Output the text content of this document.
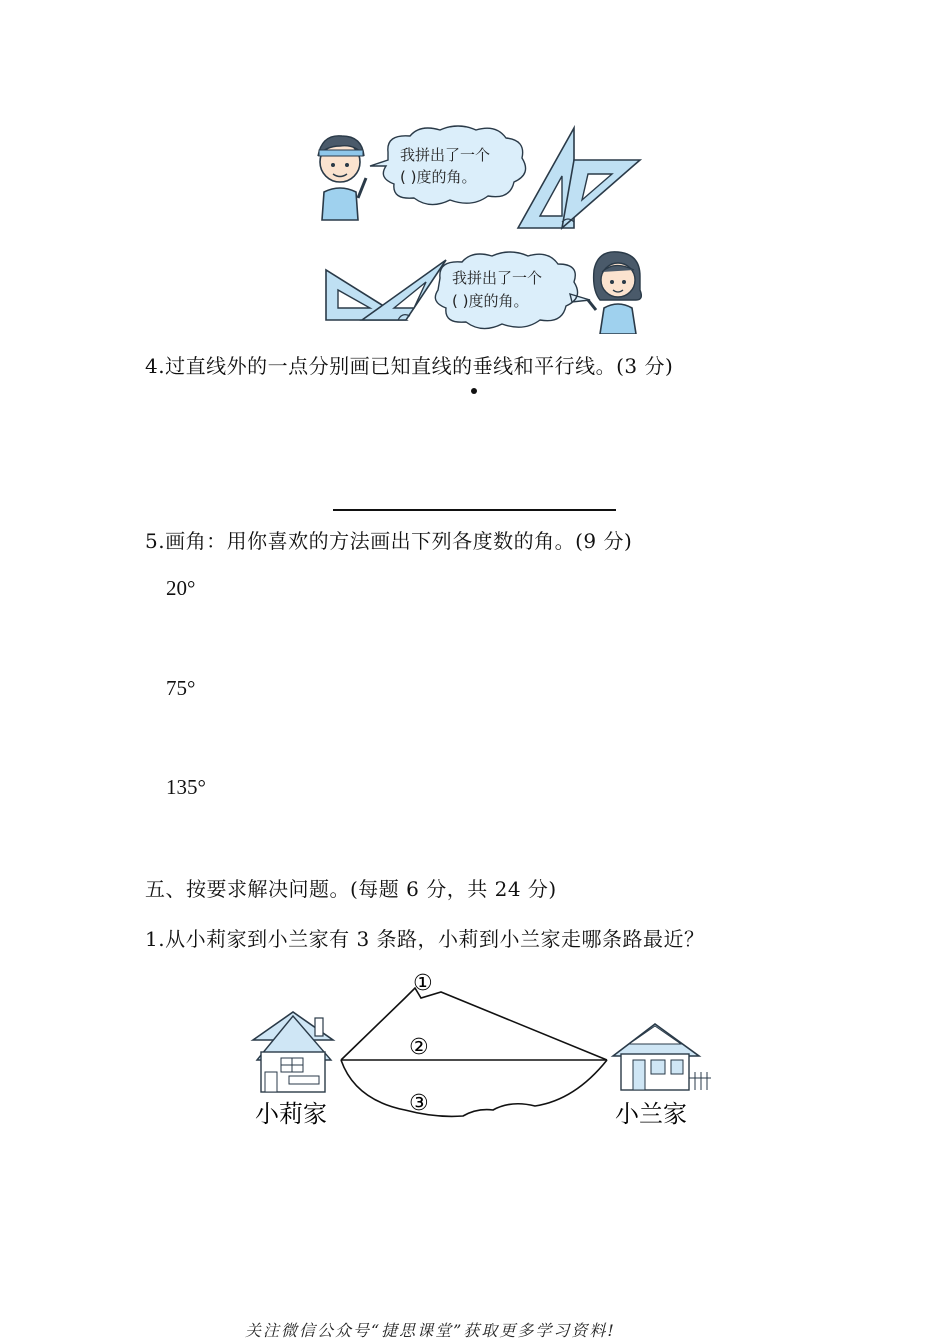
我拼出了一个
( )度的角。
我拼出了一个
( )度的角。
4.过直线外的一点分别画已知直线的垂线和平行线。(3 分)
5.画角：用你喜欢的方法画出下列各度数的角。(9 分)
20°
75°
135°
五、按要求解决问题。(每题 6 分，共 24 分)
1.从小莉家到小兰家有 3 条路，小莉到小兰家走哪条路最近？
小莉家
①
②
③	小兰家
关注微信公众号“捷思课堂”获取更多学习资料!
